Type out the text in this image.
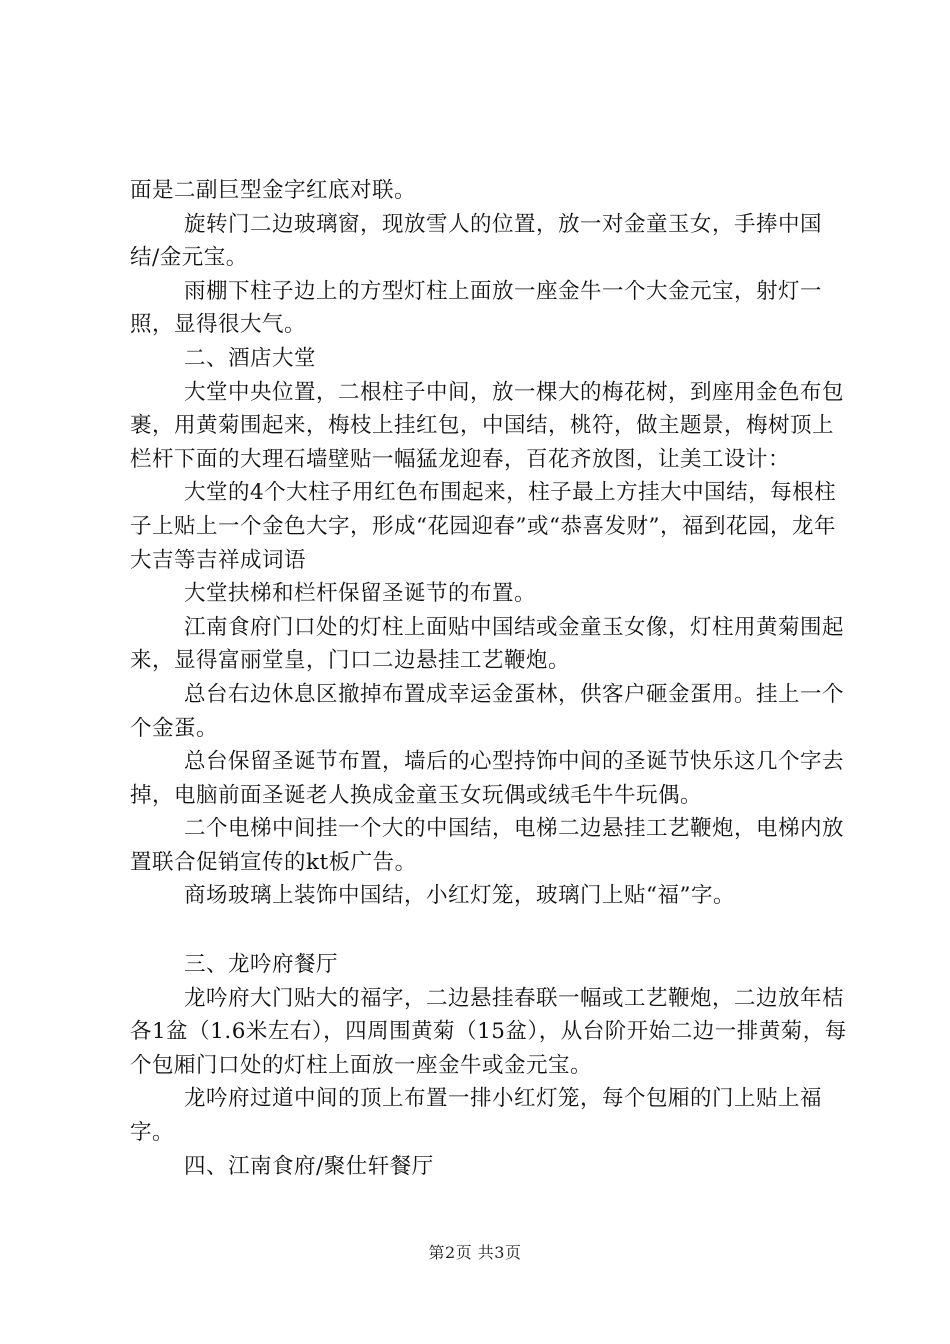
面是二副巨型金字红底对联。

旋转门二边玻璃窗，现放雪人的位置，放一对金童玉女，手捧中国结/金元宝。

雨棚下柱子边上的方型灯柱上面放一座金牛一个大金元宝，射灯一照，显得很大气。

二、酒店大堂

大堂中央位置，二根柱子中间，放一棵大的梅花树，到座用金色布包裹，用黄菊围起来，梅枝上挂红包，中国结，桃符，做主题景，梅树顶上栏杆下面的大理石墙壁贴一幅猛龙迎春，百花齐放图，让美工设计：

大堂的4个大柱子用红色布围起来，柱子最上方挂大中国结，每根柱子上贴上一个金色大字，形成“花园迎春”或“恭喜发财”，福到花园，龙年大吉等吉祥成词语

大堂扶梯和栏杆保留圣诞节的布置。

江南食府门口处的灯柱上面贴中国结或金童玉女像，灯柱用黄菊围起来，显得富丽堂皇，门口二边悬挂工艺鞭炮。

总台右边休息区撤掉布置成幸运金蛋林，供客户砸金蛋用。挂上一个个金蛋。

总台保留圣诞节布置，墙后的心型持饰中间的圣诞节快乐这几个字去掉，电脑前面圣诞老人换成金童玉女玩偶或绒毛牛牛玩偶。

二个电梯中间挂一个大的中国结，电梯二边悬挂工艺鞭炮，电梯内放置联合促销宣传的kt板广告。

商场玻璃上装饰中国结，小红灯笼，玻璃门上贴“福”字。

三、龙吟府餐厅

龙吟府大门贴大的福字，二边悬挂春联一幅或工艺鞭炮，二边放年桔各1盆（1.6米左右），四周围黄菊（15盆），从台阶开始二边一排黄菊，每个包厢门口处的灯柱上面放一座金牛或金元宝。

龙吟府过道中间的顶上布置一排小红灯笼，每个包厢的门上贴上福字。

四、江南食府/聚仕轩餐厅

第2页 共3页
